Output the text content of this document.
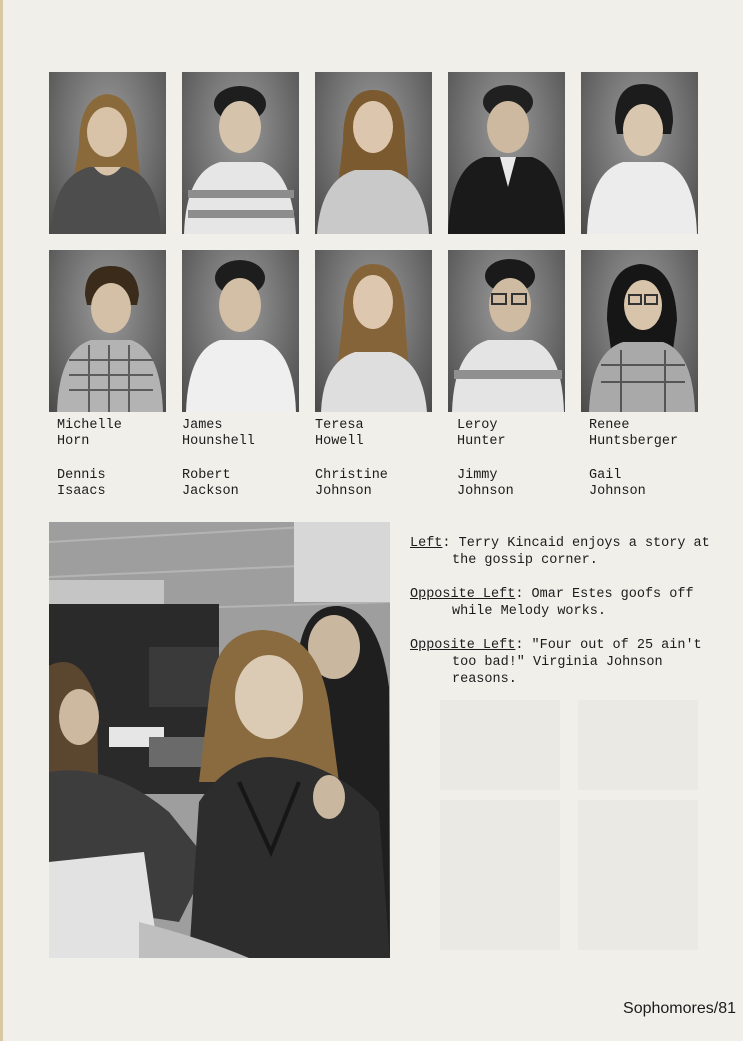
Michelle
Horn
Dennis
Isaacs
James
Hounshell
Robert
Jackson
Teresa
Howell
Christine
Johnson
Leroy
Hunter
Jimmy
Johnson
Renee
Huntsberger
Gail
Johnson

Left: Terry Kincaid enjoys a story at the gossip corner.

Opposite Left: Omar Estes goofs off while Melody works.

Opposite Left: "Four out of 25 ain't too bad!" Virginia Johnson reasons.

Sophomores/81
